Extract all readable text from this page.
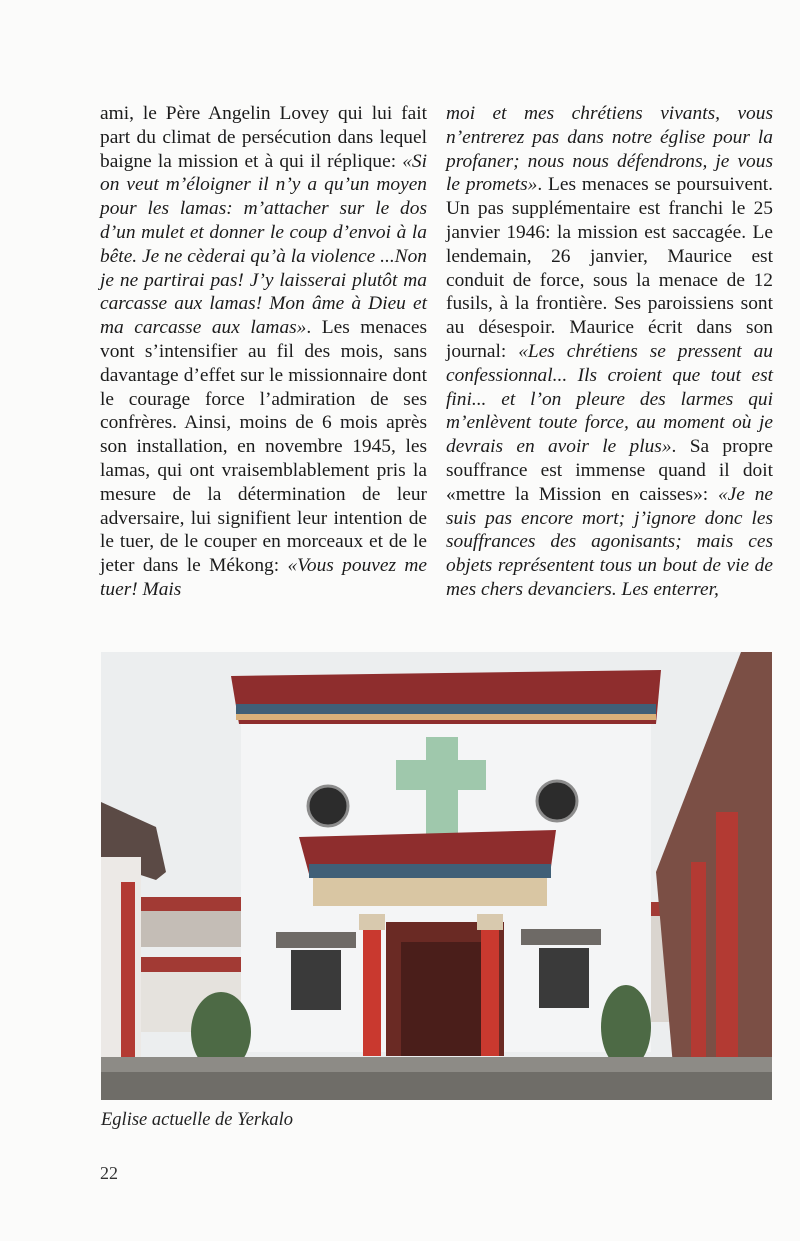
ami, le Père Angelin Lovey qui lui fait part du climat de persécution dans lequel baigne la mission et à qui il réplique: «Si on veut m’éloigner il n’y a qu’un moyen pour les lamas: m’attacher sur le dos d’un mulet et donner le coup d’envoi à la bête. Je ne cèderai qu’à la violence ...Non je ne partirai pas! J’y laisserai plutôt ma carcasse aux lamas! Mon âme à Dieu et ma carcasse aux lamas». Les menaces vont s’intensifier au fil des mois, sans davantage d’effet sur le missionnaire dont le courage force l’admiration de ses confrères. Ainsi, moins de 6 mois après son installation, en novembre 1945, les lamas, qui ont vraisemblablement pris la mesure de la détermination de leur adversaire, lui signifient leur intention de le tuer, de le couper en morceaux et de le jeter dans le Mékong: «Vous pouvez me tuer! Mais
moi et mes chrétiens vivants, vous n’entrerez pas dans notre église pour la profaner; nous nous défendrons, je vous le promets». Les menaces se poursuivent. Un pas supplémentaire est franchi le 25 janvier 1946: la mission est saccagée. Le lendemain, 26 janvier, Maurice est conduit de force, sous la menace de 12 fusils, à la frontière. Ses paroissiens sont au désespoir. Maurice écrit dans son journal: «Les chrétiens se pressent au confessionnal... Ils croient que tout est fini... et l’on pleure des larmes qui m’enlèvent toute force, au moment où je devrais en avoir le plus». Sa propre souffrance est immense quand il doit «mettre la Mission en caisses»: «Je ne suis pas encore mort; j’ignore donc les souffrances des agonisants; mais ces objets représentent tous un bout de vie de mes chers devanciers. Les enterrer,
Eglise actuelle de Yerkalo
22
